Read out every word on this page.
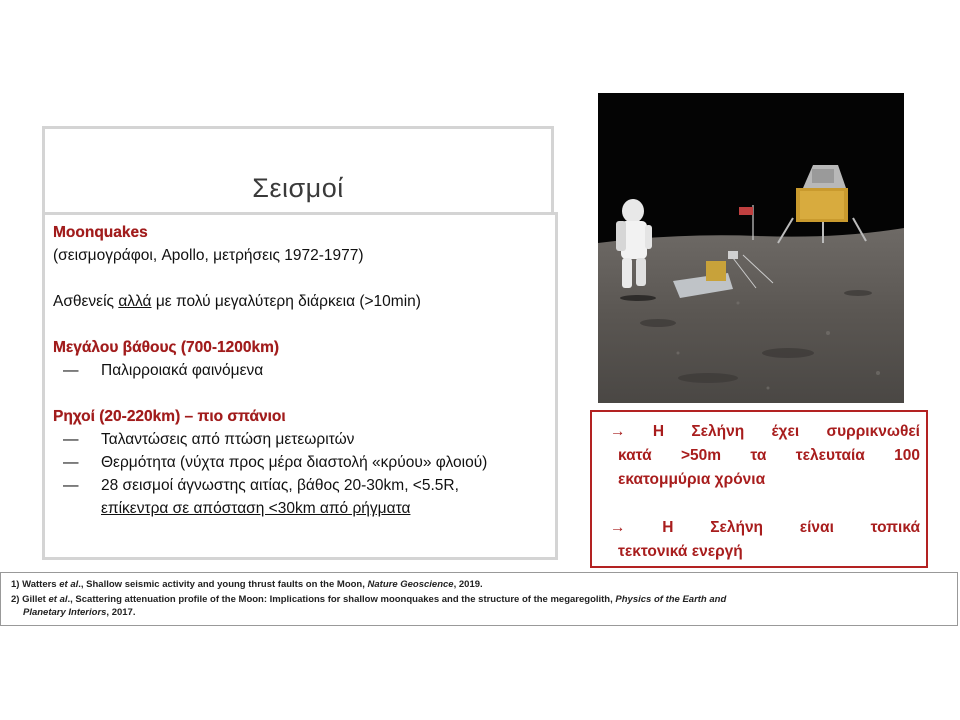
Σεισμοί
Moonquakes
(σεισμογράφοι, Apollo, μετρήσεις 1972-1977)
Ασθενείς αλλά με πολύ μεγαλύτερη διάρκεια (>10min)
Μεγάλου βάθους (700-1200km)
—	Παλιρροιακά φαινόμενα
Ρηχοί (20-220km) – πιο σπάνιοι
—	Ταλαντώσεις από πτώση μετεωριτών
—	Θερμότητα (νύχτα προς μέρα διαστολή «κρύου» φλοιού)
—	28 σεισμοί άγνωστης αιτίας, βάθος 20-30km, <5.5R,
επίκεντρα σε απόσταση <30km από ρήγματα
→ Η Σελήνη έχει συρρικνωθεί
κατά >50m τα τελευταία 100
εκατομμύρια χρόνια
→ Η Σελήνη είναι τοπικά
τεκτονικά ενεργή
1) Watters et al., Shallow seismic activity and young thrust faults on the Moon, Nature Geoscience, 2019.
2) Gillet et al., Scattering attenuation profile of the Moon: Implications for shallow moonquakes and the structure of the megaregolith, Physics of the Earth and
Planetary Interiors, 2017.
